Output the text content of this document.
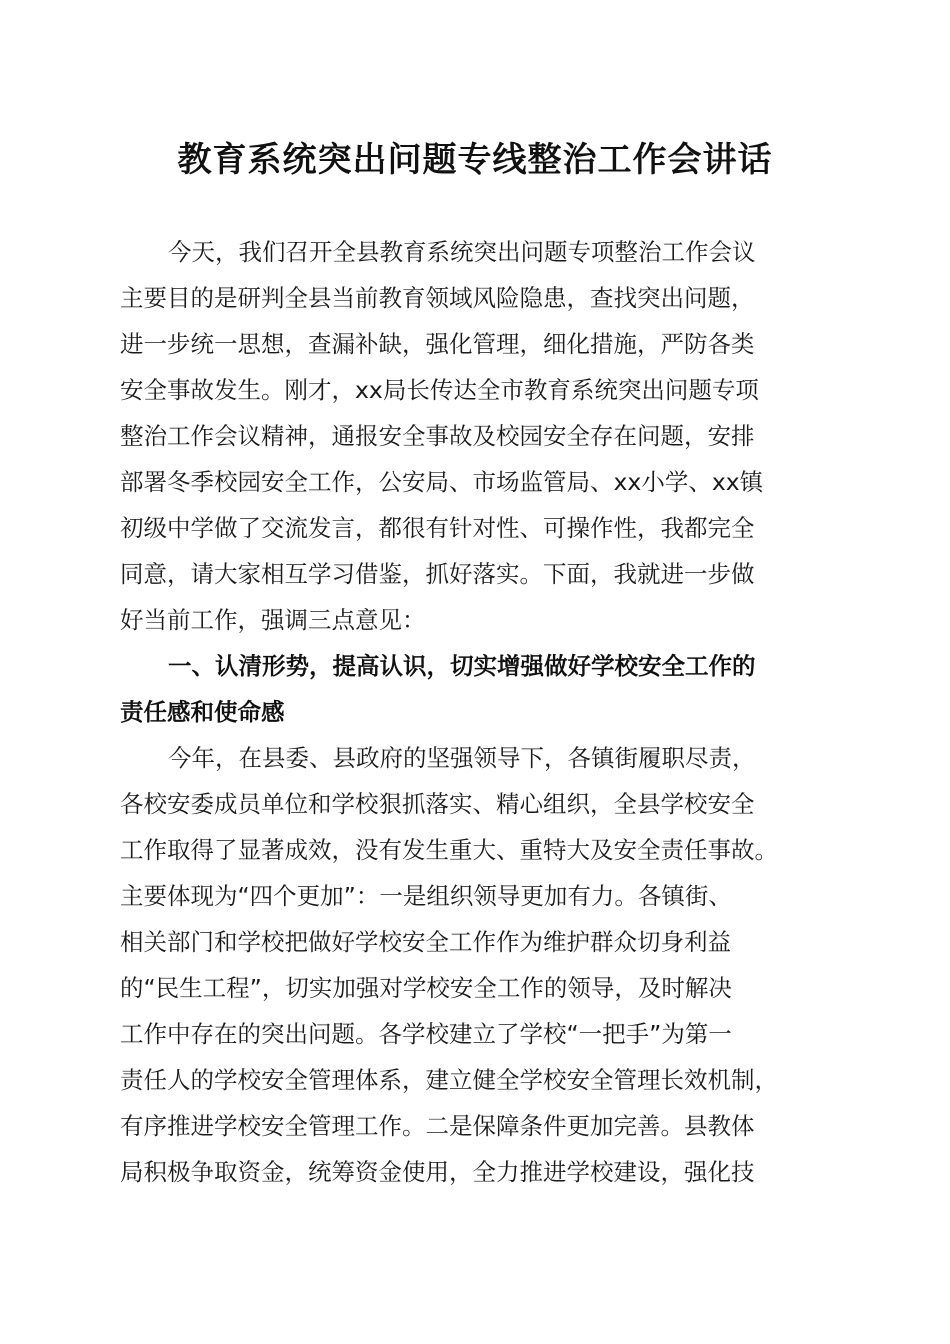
教育系统突出问题专线整治工作会讲话

今天，我们召开全县教育系统突出问题专项整治工作会议

主要目的是研判全县当前教育领域风险隐患，查找突出问题，

进一步统一思想，查漏补缺，强化管理，细化措施，严防各类

安全事故发生。刚才，xx局长传达全市教育系统突出问题专项

整治工作会议精神，通报安全事故及校园安全存在问题，安排

部署冬季校园安全工作，公安局、市场监管局、xx小学、xx镇

初级中学做了交流发言，都很有针对性、可操作性，我都完全

同意，请大家相互学习借鉴，抓好落实。下面，我就进一步做

好当前工作，强调三点意见：

一、认清形势，提高认识，切实增强做好学校安全工作的

责任感和使命感

今年，在县委、县政府的坚强领导下，各镇街履职尽责，

各校安委成员单位和学校狠抓落实、精心组织，全县学校安全

工作取得了显著成效，没有发生重大、重特大及安全责任事故。

主要体现为“四个更加”：一是组织领导更加有力。各镇街、

相关部门和学校把做好学校安全工作作为维护群众切身利益

的“民生工程”，切实加强对学校安全工作的领导，及时解决

工作中存在的突出问题。各学校建立了学校“一把手”为第一

责任人的学校安全管理体系，建立健全学校安全管理长效机制，

有序推进学校安全管理工作。二是保障条件更加完善。县教体

局积极争取资金，统筹资金使用，全力推进学校建设，强化技
